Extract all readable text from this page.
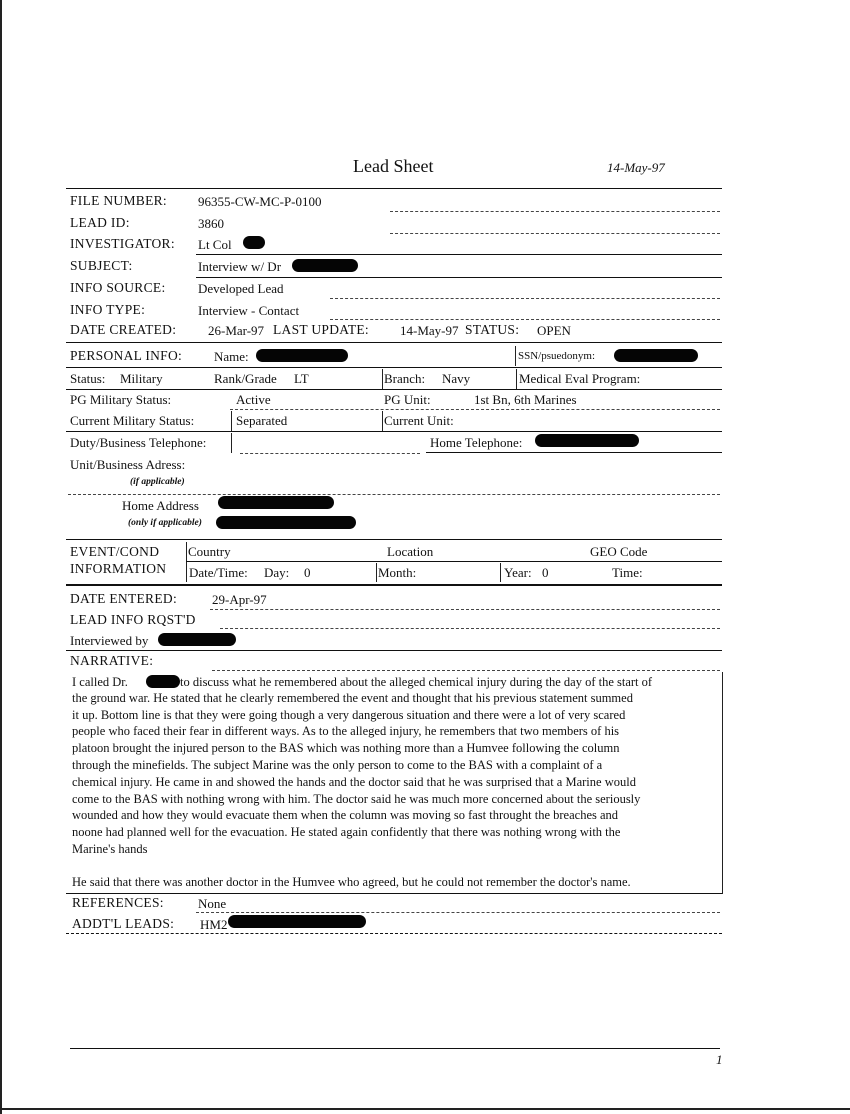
Lead Sheet	14-May-97
FILE NUMBER: 96355-CW-MC-P-0100
LEAD ID:	3860
INVESTIGATOR: Lt Col
SUBJECT:	Interview w/ Dr
INFO SOURCE:	Developed Lead
INFO TYPE:	Interview - Contact
DATE CREATED: 26-Mar-97 LAST UPDATE: 14-May-97 STATUS: OPEN
PERSONAL INFO: Name:	SSN/psuedonym:
Status: Military	Rank/Grade LT	Branch: Navy	Medical Eval Program:
PG Military Status:	Active	PG Unit:	1st Bn, 6th Marines
Current Military Status:	Separated	Current Unit:
Duty/Business Telephone:	Home Telephone:
Unit/Business Adress:
(if applicable)
Home Address
(only if applicable)
EVENT/COND
INFORMATION
Country	Location	GEO Code
Date/Time: Day: 0	Month:	Year: 0	Time:
DATE ENTERED:	29-Apr-97
LEAD INFO RQST'D
Interviewed by
NARRATIVE:
I called Dr.	to discuss what he remembered about the alleged chemical injury during the day of the start of
the ground war. He stated that he clearly remembered the event and thought that his previous statement summed
it up. Bottom line is that they were going though a very dangerous situation and there were a lot of very scared
people who faced their fear in different ways. As to the alleged injury, he remembers that two members of his
platoon brought the injured person to the BAS which was nothing more than a Humvee following the column
through the minefields. The subject Marine was the only person to come to the BAS with a complaint of a
chemical injury. He came in and showed the hands and the doctor said that he was surprised that a Marine would
come to the BAS with nothing wrong with him. The doctor said he was much more concerned about the seriously
wounded and how they would evacuate them when the column was moving so fast throught the breaches and
noone had planned well for the evacuation. He stated again confidently that there was nothing wrong with the
Marine's hands
He said that there was another doctor in the Humvee who agreed, but he could not remember the doctor's name.
REFERENCES:	None
ADDT'L LEADS: HM2
1
